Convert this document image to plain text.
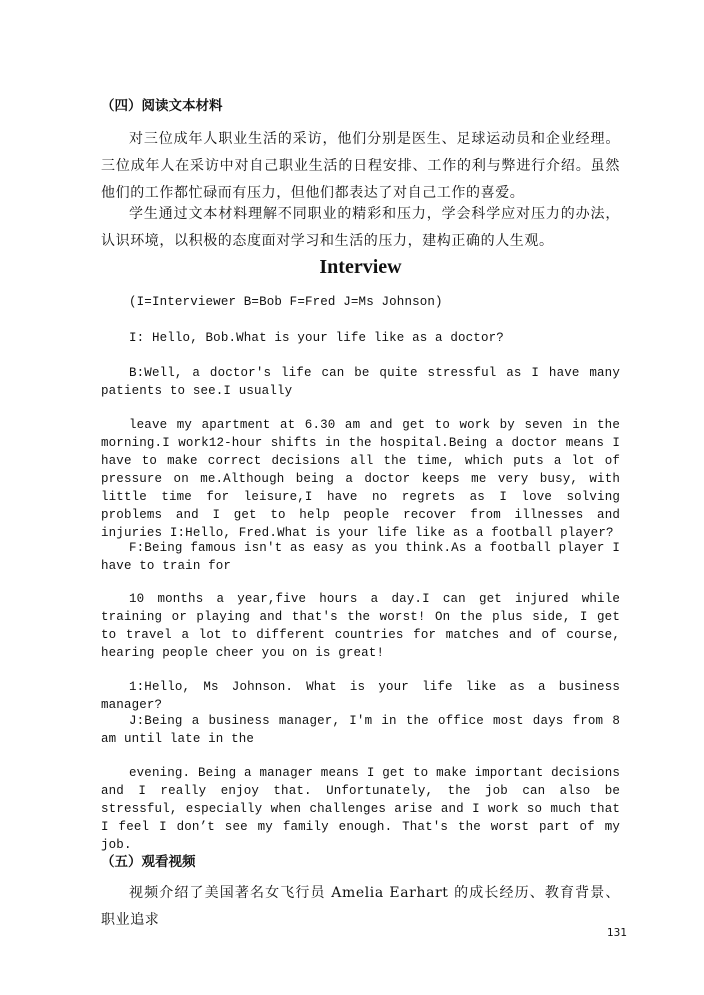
（四）阅读文本材料

对三位成年人职业生活的采访，他们分别是医生、足球运动员和企业经理。三位成年人在采访中对自己职业生活的日程安排、工作的利与弊进行介绍。虽然他们的工作都忙碌而有压力，但他们都表达了对自己工作的喜爱。

学生通过文本材料理解不同职业的精彩和压力，学会科学应对压力的办法，认识环境，以积极的态度面对学习和生活的压力，建构正确的人生观。

Interview

(I=Interviewer B=Bob F=Fred J=Ms Johnson)

I: Hello, Bob.What is your life like as a doctor?

B:Well, a doctor's life can be quite stressful as I have many patients to see.I usually

leave my apartment at 6.30 am and get to work by seven in the morning.I work12-hour shifts in the hospital.Being a doctor means I have to make correct decisions all the time, which puts a lot of pressure on me.Although being a doctor keeps me very busy, with little time for leisure,I have no regrets as I love solving problems and I get to help people recover from illnesses and injuries I:Hello, Fred.What is your life like as a football player?

F:Being famous isn't as easy as you think.As a football player I have to train for

10 months a year,five hours a day.I can get injured while training or playing and that's the worst! On the plus side, I get to travel a lot to different countries for matches and of course, hearing people cheer you on is great!

1:Hello, Ms Johnson. What is your life like as a business manager?

J:Being a business manager, I'm in the office most days from 8 am until late in the

evening. Being a manager means I get to make important decisions and I really enjoy that. Unfortunately, the job can also be stressful, especially when challenges arise and I work so much that I feel I don’t see my family enough. That's the worst part of my job.

（五）观看视频

视频介绍了美国著名女飞行员 Amelia Earhart 的成长经历、教育背景、职业追求

131
